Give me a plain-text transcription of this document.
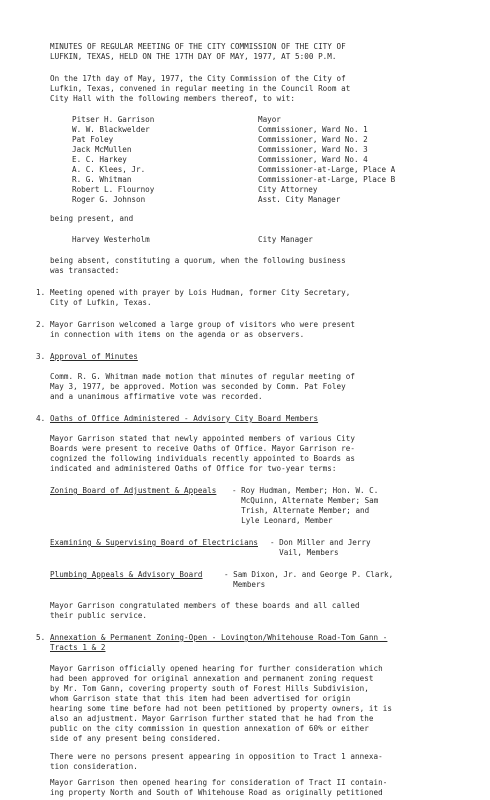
MINUTES OF REGULAR MEETING OF THE CITY COMMISSION OF THE CITY OF
LUFKIN, TEXAS, HELD ON THE 17TH DAY OF MAY, 1977, AT 5:00 P.M.
On the 17th day of May, 1977, the City Commission of the City of
Lufkin, Texas, convened in regular meeting in the Council Room at
City Hall with the following members thereof, to wit:
Pitser H. Garrison	Mayor
W. W. Blackwelder	Commissioner, Ward No. 1
Pat Foley	Commissioner, Ward No. 2
Jack McMullen	Commissioner, Ward No. 3
E. C. Harkey	Commissioner, Ward No. 4
A. C. Klees, Jr.	Commissioner-at-Large, Place A
R. G. Whitman	Commissioner-at-Large, Place B
Robert L. Flournoy	City Attorney
Roger G. Johnson	Asst. City Manager
being present, and
Harvey Westerholm	City Manager
being absent, constituting a quorum, when the following business
was transacted:
1. Meeting opened with prayer by Lois Hudman, former City Secretary,
City of Lufkin, Texas.
2. Mayor Garrison welcomed a large group of visitors who were present
in connection with items on the agenda or as observers.
3. Approval of Minutes
Comm. R. G. Whitman made motion that minutes of regular meeting of
May 3, 1977, be approved. Motion was seconded by Comm. Pat Foley
and a unanimous affirmative vote was recorded.
4. Oaths of Office Administered - Advisory City Board Members
Mayor Garrison stated that newly appointed members of various City
Boards were present to receive Oaths of Office. Mayor Garrison re-
cognized the following individuals recently appointed to Boards as
indicated and administered Oaths of Office for two-year terms:
Zoning Board of Adjustment & Appeals - Roy Hudman, Member; Hon. W. C.
McQuinn, Alternate Member; Sam
Trish, Alternate Member; and
Lyle Leonard, Member
Examining & Supervising Board of Electricians - Don Miller and Jerry
Vail, Members
Plumbing Appeals & Advisory Board	- Sam Dixon, Jr. and George P. Clark,
Members
Mayor Garrison congratulated members of these boards and all called
their public service.
5. Annexation & Permanent Zoning-Open - Lovington/Whitehouse Road-Tom Gann -
Tracts 1 & 2
Mayor Garrison officially opened hearing for further consideration which
had been approved for original annexation and permanent zoning request
by Mr. Tom Gann, covering property south of Forest Hills Subdivision,
whom Garrison state that this item had been advertised for origin
hearing some time before had not been petitioned by property owners, it is
also an adjustment. Mayor Garrison further stated that he had from the
public on the city commission in question annexation of 60% or either
side of any present being considered.
There were no persons present appearing in opposition to Tract 1 annexa-
tion consideration.
Mayor Garrison then opened hearing for consideration of Tract II contain-
ing property North and South of Whitehouse Road as originally petitioned
